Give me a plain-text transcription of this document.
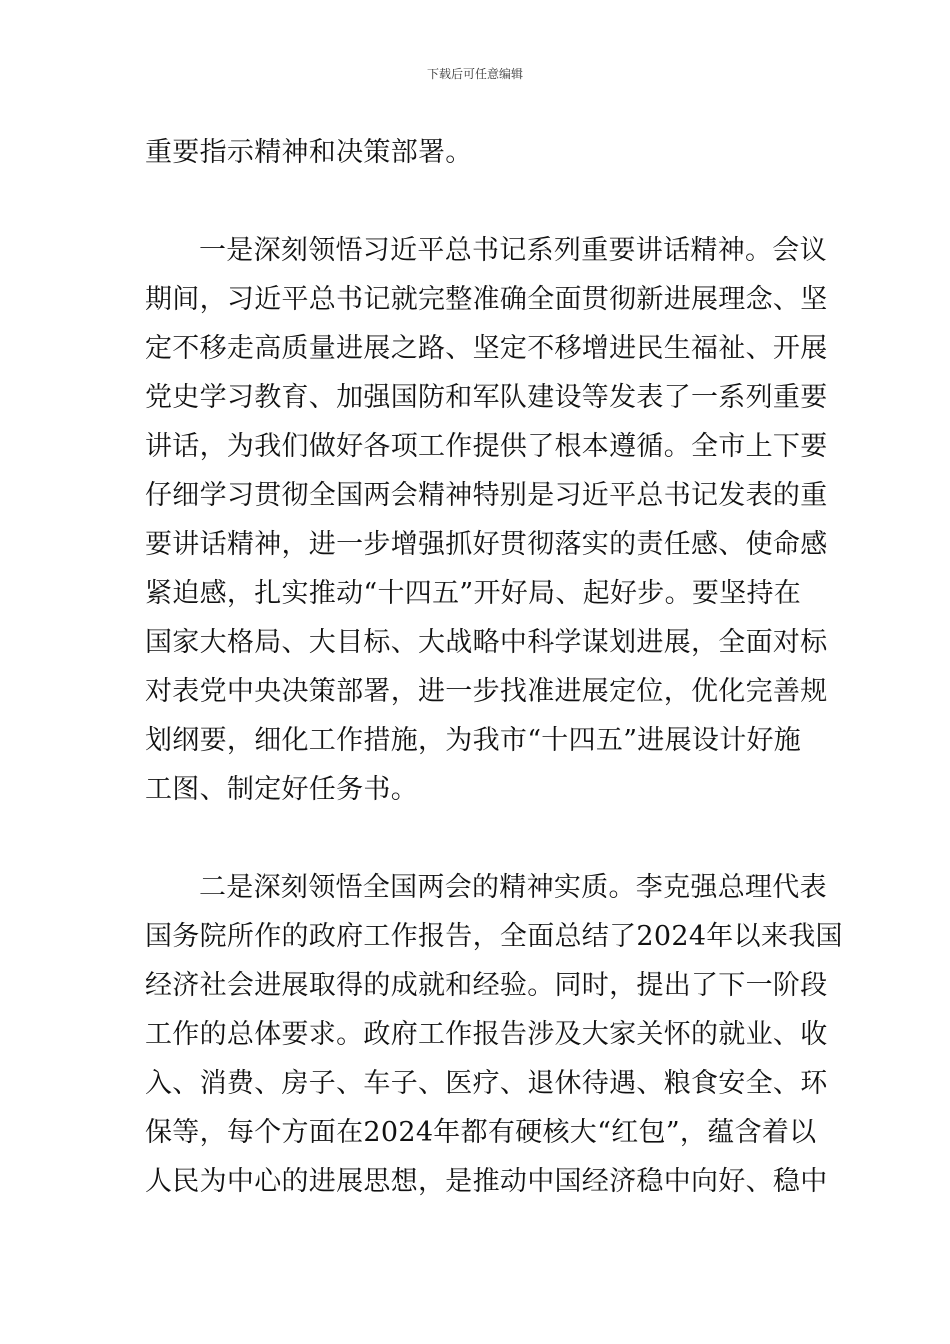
下载后可任意编辑
重要指示精神和决策部署。
一是深刻领悟习近平总书记系列重要讲话精神。会议
期间，习近平总书记就完整准确全面贯彻新进展理念、坚
定不移走高质量进展之路、坚定不移增进民生福祉、开展
党史学习教育、加强国防和军队建设等发表了一系列重要
讲话，为我们做好各项工作提供了根本遵循。全市上下要
仔细学习贯彻全国两会精神特别是习近平总书记发表的重
要讲话精神，进一步增强抓好贯彻落实的责任感、使命感
紧迫感，扎实推动“十四五”开好局、起好步。要坚持在
国家大格局、大目标、大战略中科学谋划进展，全面对标
对表党中央决策部署，进一步找准进展定位，优化完善规
划纲要，细化工作措施，为我市“十四五”进展设计好施
工图、制定好任务书。
二是深刻领悟全国两会的精神实质。李克强总理代表
国务院所作的政府工作报告，全面总结了2024年以来我国
经济社会进展取得的成就和经验。同时，提出了下一阶段
工作的总体要求。政府工作报告涉及大家关怀的就业、收
入、消费、房子、车子、医疗、退休待遇、粮食安全、环
保等，每个方面在2024年都有硬核大“红包”，蕴含着以
人民为中心的进展思想，是推动中国经济稳中向好、稳中
